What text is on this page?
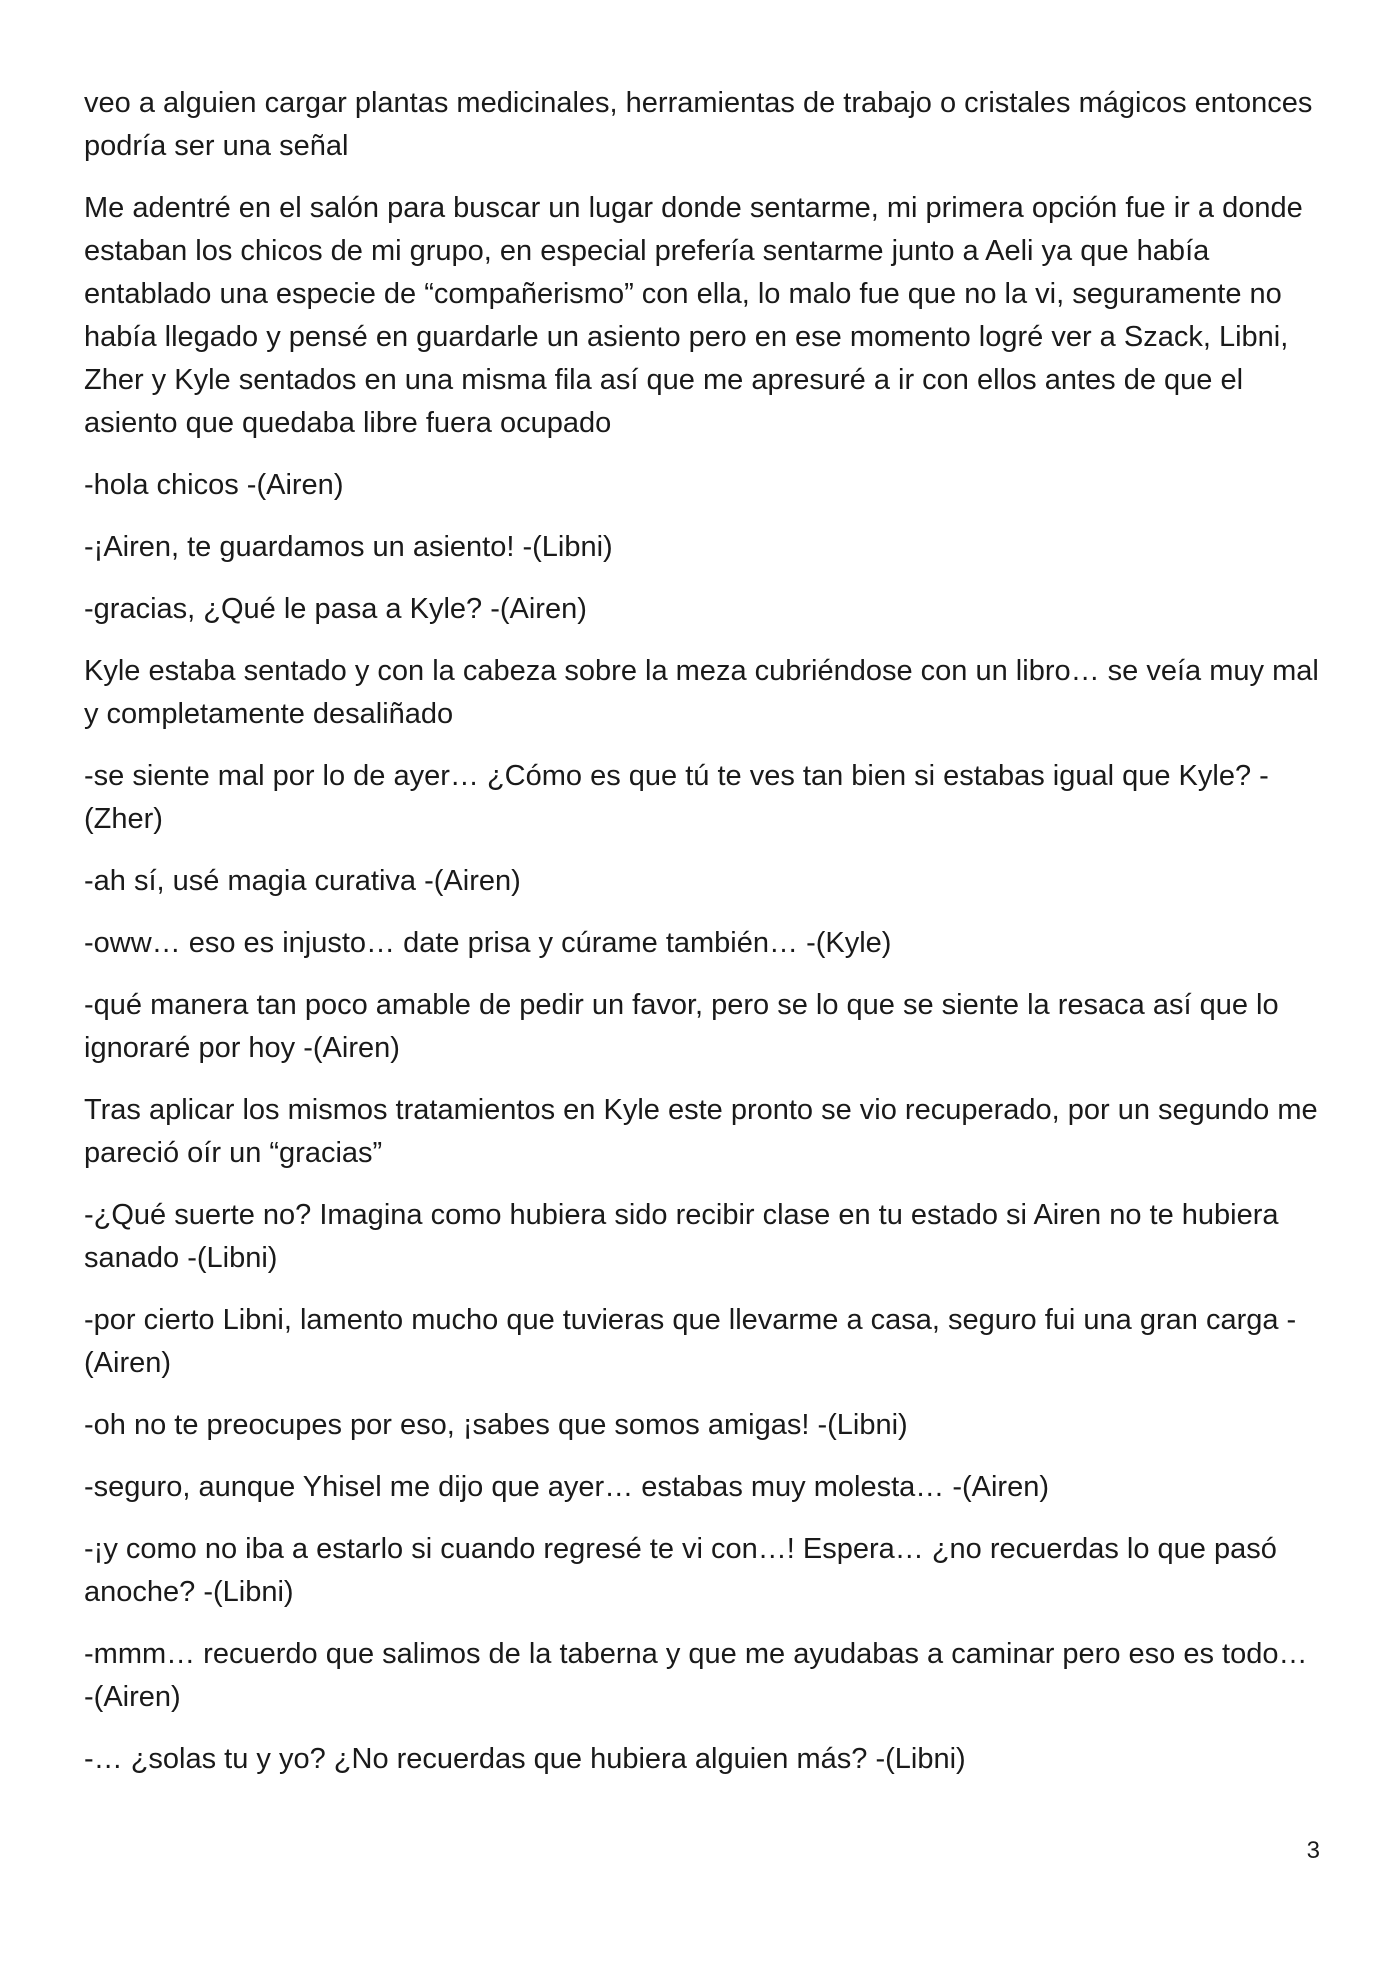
veo a alguien cargar plantas medicinales, herramientas de trabajo o cristales mágicos entonces podría ser una señal

Me adentré en el salón para buscar un lugar donde sentarme, mi primera opción fue ir a donde estaban los chicos de mi grupo, en especial prefería sentarme junto a Aeli ya que había entablado una especie de “compañerismo” con ella, lo malo fue que no la vi, seguramente no había llegado y pensé en guardarle un asiento pero en ese momento logré ver a Szack, Libni, Zher y Kyle sentados en una misma fila así que me apresuré a ir con ellos antes de que el asiento que quedaba libre fuera ocupado

-hola chicos -(Airen)

-¡Airen, te guardamos un asiento! -(Libni)

-gracias, ¿Qué le pasa a Kyle? -(Airen)

Kyle estaba sentado y con la cabeza sobre la meza cubriéndose con un libro… se veía muy mal y completamente desaliñado

-se siente mal por lo de ayer… ¿Cómo es que tú te ves tan bien si estabas igual que Kyle? -(Zher)

-ah sí, usé magia curativa -(Airen)

-oww… eso es injusto… date prisa y cúrame también… -(Kyle)

-qué manera tan poco amable de pedir un favor, pero se lo que se siente la resaca así que lo ignoraré por hoy -(Airen)

Tras aplicar los mismos tratamientos en Kyle este pronto se vio recuperado, por un segundo me pareció oír un “gracias”

-¿Qué suerte no? Imagina como hubiera sido recibir clase en tu estado si Airen no te hubiera sanado -(Libni)

-por cierto Libni, lamento mucho que tuvieras que llevarme a casa, seguro fui una gran carga -(Airen)

-oh no te preocupes por eso, ¡sabes que somos amigas! -(Libni)

-seguro, aunque Yhisel me dijo que ayer… estabas muy molesta… -(Airen)

-¡y como no iba a estarlo si cuando regresé te vi con…! Espera… ¿no recuerdas lo que pasó anoche? -(Libni)

-mmm… recuerdo que salimos de la taberna y que me ayudabas a caminar pero eso es todo… -(Airen)

-… ¿solas tu y yo? ¿No recuerdas que hubiera alguien más? -(Libni)

3
